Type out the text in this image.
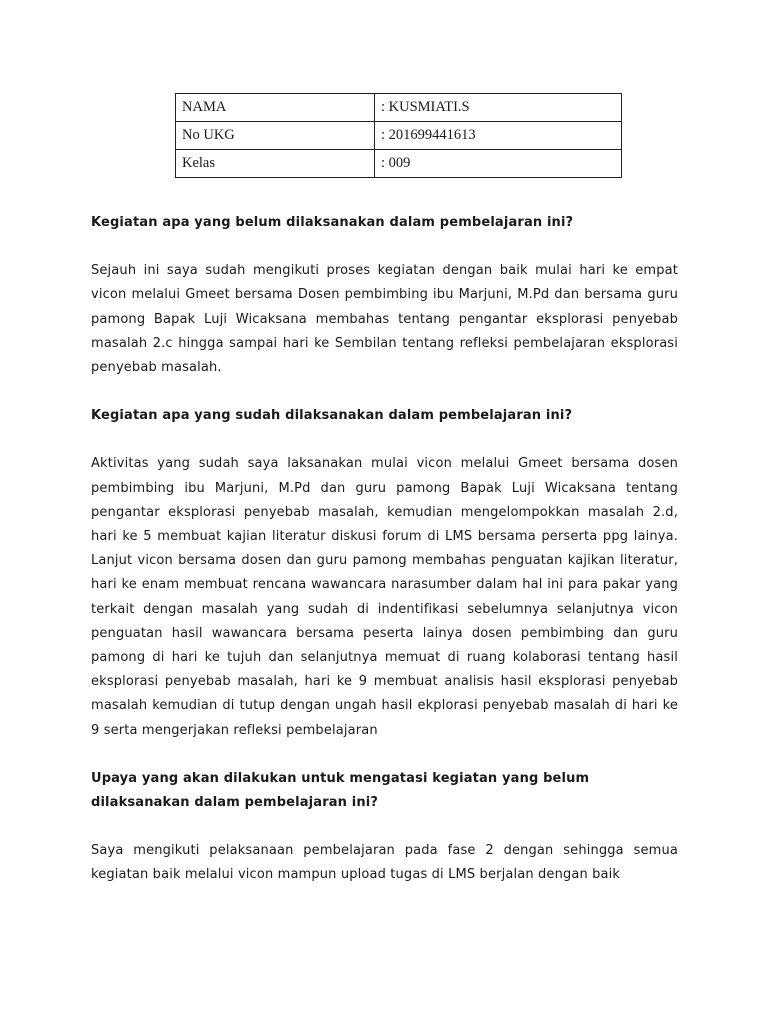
NAMA	: KUSMIATI.S
No UKG	: 201699441613
Kelas	: 009

Kegiatan apa yang belum dilaksanakan dalam pembelajaran ini?

Sejauh ini saya sudah mengikuti proses kegiatan dengan baik mulai hari ke empat vicon melalui Gmeet bersama Dosen pembimbing ibu Marjuni, M.Pd dan bersama guru pamong Bapak Luji Wicaksana membahas tentang pengantar eksplorasi penyebab masalah 2.c hingga sampai hari ke Sembilan tentang refleksi pembelajaran eksplorasi penyebab masalah.

Kegiatan apa yang sudah dilaksanakan dalam pembelajaran ini?

Aktivitas yang sudah saya laksanakan mulai vicon melalui Gmeet bersama dosen pembimbing ibu Marjuni, M.Pd dan guru pamong Bapak Luji Wicaksana tentang pengantar eksplorasi penyebab masalah, kemudian mengelompokkan masalah 2.d, hari ke 5 membuat kajian literatur diskusi forum di LMS bersama perserta ppg lainya. Lanjut vicon bersama dosen dan guru pamong membahas penguatan kajikan literatur, hari ke enam membuat rencana wawancara narasumber dalam hal ini para pakar yang terkait dengan masalah yang sudah di indentifikasi sebelumnya selanjutnya vicon penguatan hasil wawancara bersama peserta lainya dosen pembimbing dan guru pamong di hari ke tujuh dan selanjutnya memuat di ruang kolaborasi tentang hasil eksplorasi penyebab masalah, hari ke 9 membuat analisis hasil eksplorasi penyebab masalah kemudian di tutup dengan ungah hasil ekplorasi penyebab masalah di hari ke 9 serta mengerjakan refleksi pembelajaran

Upaya yang akan dilakukan untuk mengatasi kegiatan yang belum dilaksanakan dalam pembelajaran ini?

Saya mengikuti pelaksanaan pembelajaran pada fase 2 dengan sehingga semua kegiatan baik melalui vicon mampun upload tugas di LMS berjalan dengan baik
